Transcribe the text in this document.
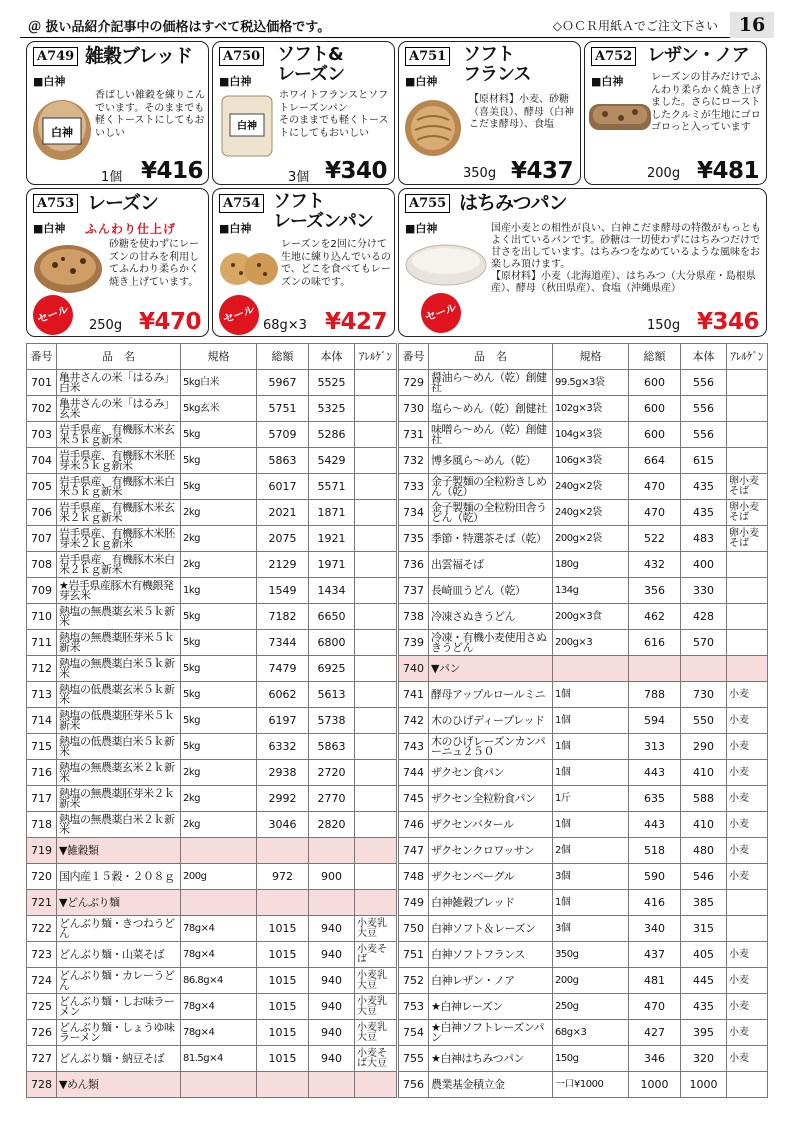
＠ 扱い品紹介記事中の価格はすべて税込価格です。	◇ＯＣＲ用紙Ａでご注文下さい	16
A749 雑穀ブレッド
■白神
白神
香ばしい雑穀を練りこんでいます。そのままでも軽くトーストにしてもおいしい
1個 ¥416
A750 ソフト&
レーズン
■白神
白神
ホワイトフランスとソフトレーズンパン
そのままでも軽くトーストにしてもおいしい
3個 ¥340
A751 ソフト
フランス
■白神
【原材料】小麦、砂糖（喜美良）、酵母（白神こだま酵母）、食塩
350g ¥437
A752 レザン・ノア
■白神	レーズンの甘みだけでふんわり柔らかく焼き上げました。さらにローストしたクルミが生地にゴロゴロっと入っています
200g ¥481
A753 レーズン
■白神 ふんわり仕上げ
砂糖を使わずにレーズンの甘みを利用してふんわり柔らかく焼き上げています。
セール	250g ¥470
A754 ソフト
レーズンパン
■白神
レーズンを2回に分けて生地に練り込んでいるので、どこを食べてもレーズンの味です。
セール 68g×3 ¥427
A755 はちみつパン
■白神	国産小麦との相性が良い、白神こだま酵母の特徴がもっともよく出ているパンです。砂糖は一切使わずにはちみつだけで甘さを出しています。はちみつをなめているような風味をお楽しみ頂けます。
【原材料】小麦（北海道産）、はちみつ（大分県産・島根県産）、酵母（秋田県産）、食塩（沖縄県産）
セール
150g ¥346
番号	品　名	規格	総額	本体	ｱﾚﾙｹﾞﾝ
701	亀井さんの米「はるみ」白米	5kg白米	5967	5525	
702	亀井さんの米「はるみ」玄米	5kg玄米	5751	5325	
703	岩手県産、有機豚木米玄米５ｋｇ新米	5kg	5709	5286	
704	岩手県産、有機豚木米胚芽米５ｋｇ新米	5kg	5863	5429	
705	岩手県産、有機豚木米白米５ｋｇ新米	5kg	6017	5571	
706	岩手県産、有機豚木米玄米２ｋｇ新米	2kg	2021	1871	
707	岩手県産、有機豚木米胚芽米２ｋｇ新米	2kg	2075	1921	
708	岩手県産、有機豚木米白米２ｋｇ新米	2kg	2129	1971	
709	★岩手県産豚木有機銀発芽玄米	1kg	1549	1434	
710	熱塩の無農薬玄米５ｋ新米	5kg	7182	6650	
711	熱塩の無農薬胚芽米５ｋ新米	5kg	7344	6800	
712	熱塩の無農薬白米５ｋ新米	5kg	7479	6925	
713	熱塩の低農薬玄米５ｋ新米	5kg	6062	5613	
714	熱塩の低農薬胚芽米５ｋ新米	5kg	6197	5738	
715	熱塩の低農薬白米５ｋ新米	5kg	6332	5863	
716	熱塩の無農薬玄米２ｋ新米	2kg	2938	2720	
717	熱塩の無農薬胚芽米２ｋ新米	2kg	2992	2770	
718	熱塩の無農薬白米２ｋ新米	2kg	3046	2820	
719	▼雑穀類				
720	国内産１５穀・２０８ｇ	200g	972	900	
721	▼どんぶり麺				
722	どんぶり麺・きつねうどん	78g×4	1015	940	小麦乳大豆
723	どんぶり麺・山菜そば	78g×4	1015	940	小麦そば
724	どんぶり麺・カレーうどん	86.8g×4	1015	940	小麦乳大豆
725	どんぶり麺・しお味ラーメン	78g×4	1015	940	小麦乳大豆
726	どんぶり麺・しょうゆ味ラーメン	78g×4	1015	940	小麦乳大豆
727	どんぶり麺・納豆そば	81.5g×4	1015	940	小麦そば大豆
728	▼めん類				
番号	品　名	規格	総額	本体	ｱﾚﾙｹﾞﾝ
729	醤油ら～めん（乾）創健社	99.5g×3袋	600	556	
730	塩ら～めん（乾）創健社	102g×3袋	600	556	
731	味噌ら～めん（乾）創健社	104g×3袋	600	556	
732	博多風ら～めん（乾）	106g×3袋	664	615	
733	金子製麺の全粒粉きしめん（乾）	240g×2袋	470	435	卵小麦そば
734	金子製麺の全粒粉田舎うどん（乾）	240g×2袋	470	435	卵小麦そば
735	季節・特選茶そば（乾）	200g×2袋	522	483	卵小麦そば
736	出雲福そば	180g	432	400	
737	長崎皿うどん（乾）	134g	356	330	
738	冷凍さぬきうどん	200g×3食	462	428	
739	冷凍・有機小麦使用さぬきうどん	200g×3	616	570	
740	▼パン				
741	酵母アップルロールミニ	1個	788	730	小麦
742	木のひげディープレッド	1個	594	550	小麦
743	木のひげレーズンカンパーニュ２５０	1個	313	290	小麦
744	ザクセン食パン	1個	443	410	小麦
745	ザクセン全粒粉食パン	1斤	635	588	小麦
746	ザクセンバタール	1個	443	410	小麦
747	ザクセンクロワッサン	2個	518	480	小麦
748	ザクセンベーグル	3個	590	546	小麦
749	白神雑穀ブレッド	1個	416	385	
750	白神ソフト＆レーズン	3個	340	315	
751	白神ソフトフランス	350g	437	405	小麦
752	白神レザン・ノア	200g	481	445	小麦
753	★白神レーズン	250g	470	435	小麦
754	★白神ソフトレーズンパン	68g×3	427	395	小麦
755	★白神はちみつパン	150g	346	320	小麦
756	農業基金積立金	一口¥1000	1000	1000	
